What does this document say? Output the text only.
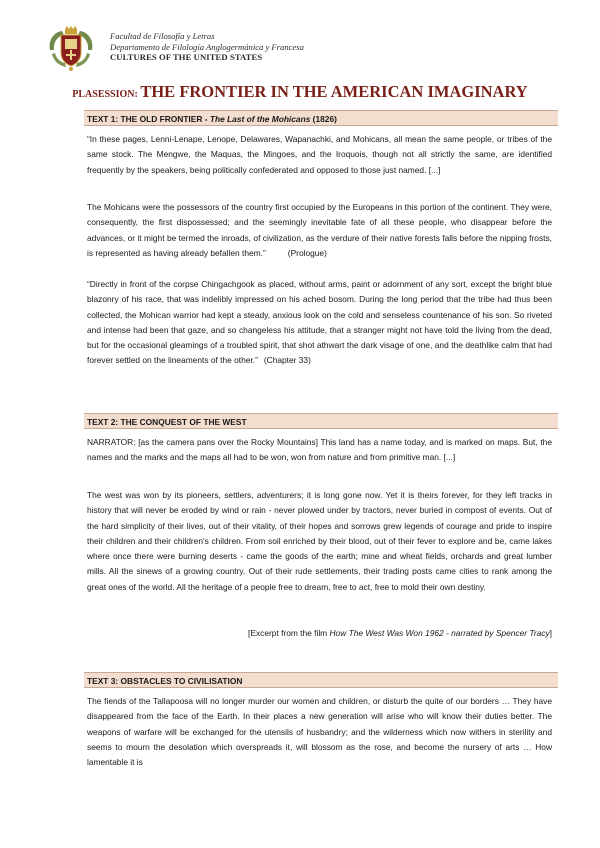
Facultad de Filosofía y Letras
Departamento de Filología Anglogermánica y Francesa
CULTURES OF THE UNITED STATES
PLASESSION: THE FRONTIER IN THE AMERICAN IMAGINARY
TEXT 1: THE OLD FRONTIER - The Last of the Mohicans (1826)

“In these pages, Lenni-Lenape, Lenope, Delawares, Wapanachki, and Mohicans, all mean the same people, or tribes of the same stock. The Mengwe, the Maquas, the Mingoes, and the Iroquois, though not all strictly the same, are identified frequently by the speakers, being politically confederated and opposed to those just named. [...]

The Mohicans were the possessors of the country first occupied by the Europeans in this portion of the continent. They were, consequently, the first dispossessed; and the seemingly inevitable fate of all these people, who disappear before the advances, or it might be termed the inroads, of civilization, as the verdure of their native forests falls before the nipping frosts, is represented as having already befallen them.”	(Prologue)

“Directly in front of the corpse Chingachgook as placed, without arms, paint or adornment of any sort, except the bright blue blazonry of his race, that was indelibly impressed on his ached bosom. During the long period that the tribe had thus been collected, the Mohican warrior had kept a steady, anxious look on the cold and senseless countenance of his son. So riveted and intense had been that gaze, and so changeless his attitude, that a stranger might not have told the living from the dead, but for the occasional gleamings of a troubled spirit, that shot athwart the dark visage of one, and the deathlike calm that had forever settled on the lineaments of the other.” (Chapter 33)

TEXT 2: THE CONQUEST OF THE WEST

NARRATOR: [as the camera pans over the Rocky Mountains] This land has a name today, and is marked on maps. But, the names and the marks and the maps all had to be won, won from nature and from primitive man. [...]

The west was won by its pioneers, settlers, adventurers; it is long gone now. Yet it is theirs forever, for they left tracks in history that will never be eroded by wind or rain - never plowed under by tractors, never buried in compost of events. Out of the hard simplicity of their lives, out of their vitality, of their hopes and sorrows grew legends of courage and pride to inspire their children and their children's children. From soil enriched by their blood, out of their fever to explore and be, came lakes where once there were burning deserts - came the goods of the earth; mine and wheat fields, orchards and great lumber mills. All the sinews of a growing country. Out of their rude settlements, their trading posts came cities to rank among the great ones of the world. All the heritage of a people free to dream, free to act, free to mold their own destiny.

[Excerpt from the film How The West Was Won 1962 - narrated by Spencer Tracy]

TEXT 3: OBSTACLES TO CIVILISATION

The fiends of the Tallapoosa will no longer murder our women and children, or disturb the quite of our borders … They have disappeared from the face of the Earth. In their places a new generation will arise who will know their duties better. The weapons of warfare will be exchanged for the utensils of husbandry; and the wilderness which now withers in sterility and seems to mourn the desolation which overspreads it, will blossom as the rose, and become the nursery of arts … How lamentable it is
